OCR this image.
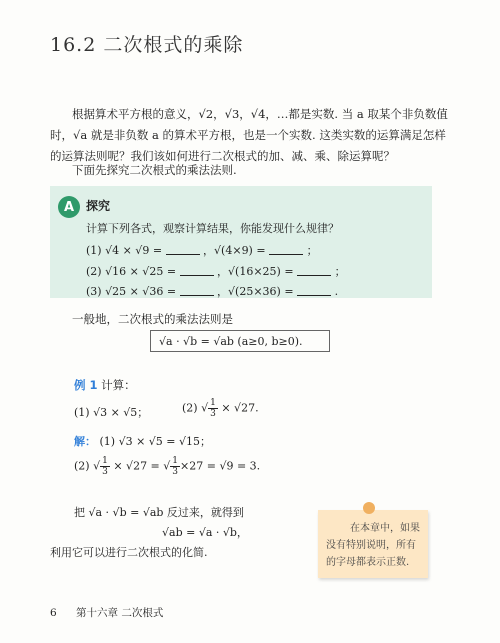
16.2 二次根式的乘除
根据算术平方根的意义，√2，√3，√4，…都是实数. 当 a 取某个非负数值时，√a 就是非负数 a 的算术平方根，也是一个实数. 这类实数的运算满足怎样的运算法则呢？我们该如何进行二次根式的加、减、乘、除运算呢？
下面先探究二次根式的乘法法则.
A 探究
计算下列各式，观察计算结果，你能发现什么规律？
(1) √4 × √9 =	，√(4×9) =	；
(2) √16 × √25 =	，√(16×25) =	；
(3) √25 × √36 =	，√(25×36) =	.
一般地，二次根式的乘法法则是
√a · √b = √ab (a≥0, b≥0).
例 1 计算：
(1) √3 × √5；	(2) √ $\frac{1}{3} \times √27$.
解： (1) √3 × √5 = √15；
(2) √ $\frac{1}{3} \times √27$ = √ $\frac{1}{3} \times 27 = √9 = 3$.
把 √a · √b = √ab 反过来，就得到
√ab = √a · √b，
利用它可以进行二次根式的化简.
在本章中，如果
没有特别说明，所有
的字母都表示正数.
6 第十六章 二次根式
